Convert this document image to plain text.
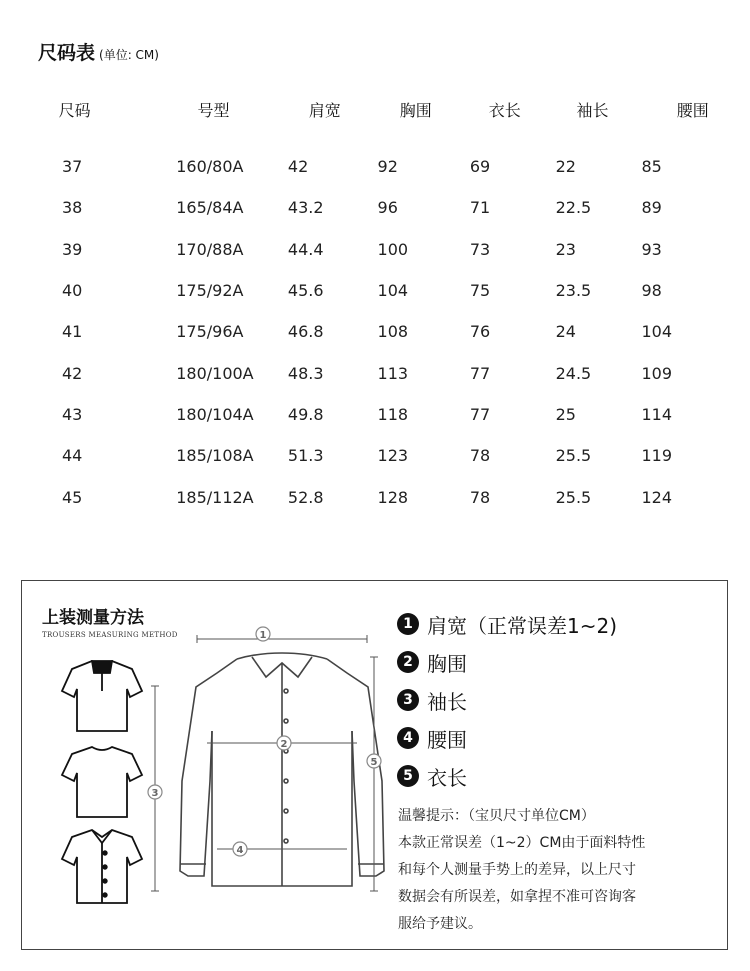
尺码表 (单位: CM)
尺码	号型	肩宽	胸围	衣长	袖长	腰围

37	160/80A	42	92	69	22	85
38	165/84A	43.2	96	71	22.5	89
39	170/88A	44.4	100	73	23	93
40	175/92A	45.6	104	75	23.5	98
41	175/96A	46.8	108	76	24	104
42	180/100A	48.3	113	77	24.5	109
43	180/104A	49.8	118	77	25	114
44	185/108A	51.3	123	78	25.5	119
45	185/112A	52.8	128	78	25.5	124
上装测量方法
TROUSERS MEASURING METHOD	1
2
3
4
5
1 肩宽（正常误差1~2)
2 胸围
3 袖长
4 腰围
5 衣长
温馨提示：（宝贝尺寸单位CM）
本款正常误差（1~2）CM由于面料特性
和每个人测量手势上的差异，以上尺寸
数据会有所误差，如拿捏不准可咨询客
服给予建议。
